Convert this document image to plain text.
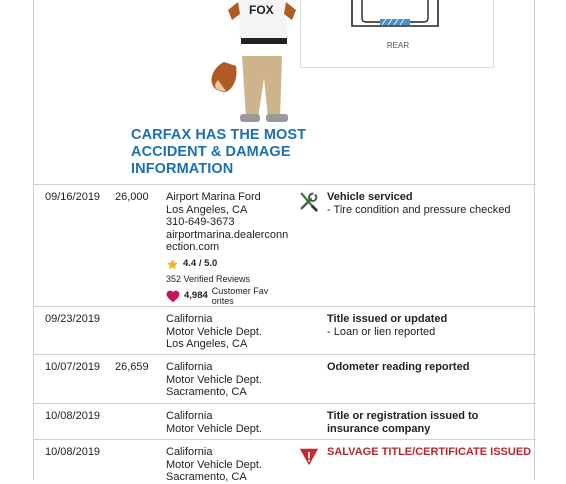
FOX
CARFAX HAS THE MOST ACCIDENT & DAMAGE INFORMATION
REAR
09/16/2019 26,000 Airport Marina Ford
Los Angeles, CA
310-649-3673
airportmarina.dealerconnection.com
4.4 / 5.0
352 Verified Reviews
4,984 Customer Favorites
Vehicle serviced
- Tire condition and pressure checked
09/23/2019	California
Motor Vehicle Dept.
Los Angeles, CA
Title issued or updated
- Loan or lien reported
10/07/2019 26,659 California
Motor Vehicle Dept.
Sacramento, CA
Odometer reading reported
10/08/2019	California
Motor Vehicle Dept.
Title or registration issued to insurance company
10/08/2019	California
Motor Vehicle Dept.
Sacramento, CA
SALVAGE TITLE/CERTIFICATE ISSUED
